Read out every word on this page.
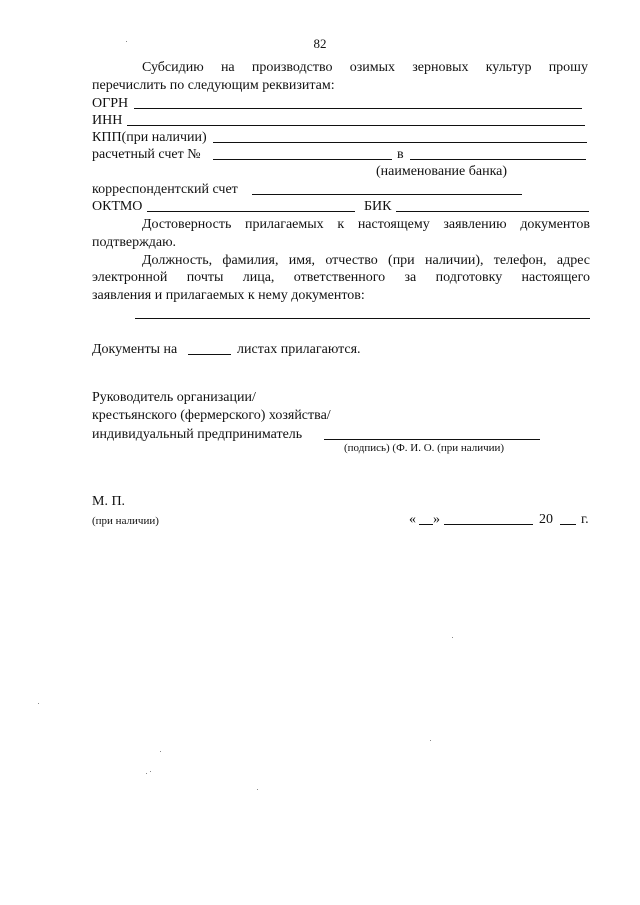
82
Субсидию на производство озимых зерновых культур прошу
перечислить по следующим реквизитам:
ОГРН
ИНН
КПП(при наличии)
расчетный счет №	в
(наименование банка)
корреспондентский счет
ОКТМО	БИК
Достоверность прилагаемых к настоящему заявлению документов
подтверждаю.
Должность, фамилия, имя, отчество (при наличии), телефон, адрес
электронной почты лица, ответственного за подготовку настоящего
заявления и прилагаемых к нему документов:
Документы на	листах прилагаются.
Руководитель организации/
крестьянского (фермерского) хозяйства/
индивидуальный предприниматель
(подпись) (Ф. И. О. (при наличии)
М. П.
(при наличии)	« »	20 г.
